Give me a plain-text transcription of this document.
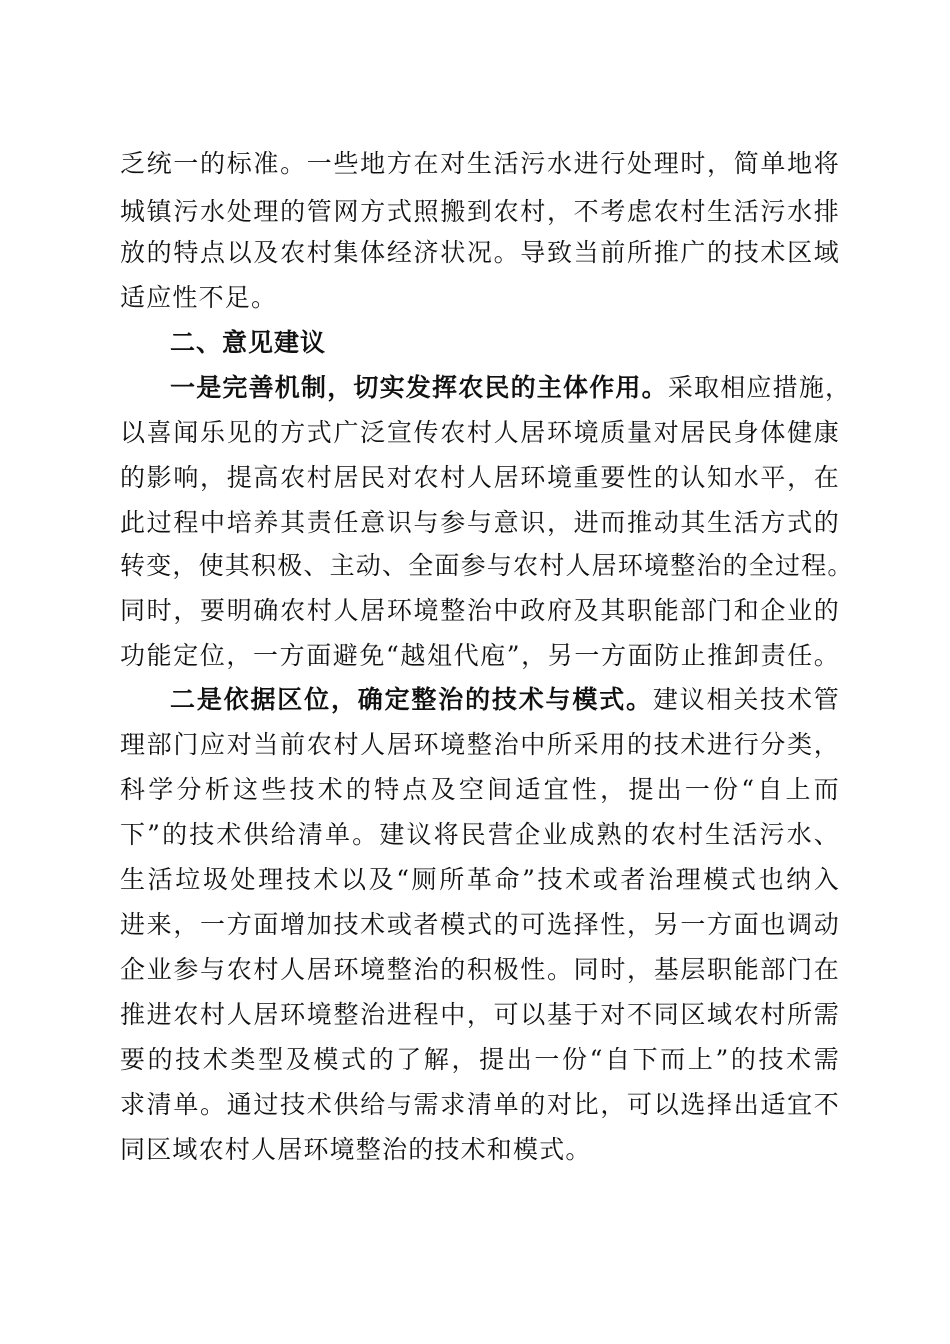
乏统一的标准。一些地方在对生活污水进行处理时，简单地将
城镇污水处理的管网方式照搬到农村，不考虑农村生活污水排
放的特点以及农村集体经济状况。导致当前所推广的技术区域
适应性不足。
二、意见建议
一是完善机制，切实发挥农民的主体作用。采取相应措施，
以喜闻乐见的方式广泛宣传农村人居环境质量对居民身体健康
的影响，提高农村居民对农村人居环境重要性的认知水平，在
此过程中培养其责任意识与参与意识，进而推动其生活方式的
转变，使其积极、主动、全面参与农村人居环境整治的全过程。
同时，要明确农村人居环境整治中政府及其职能部门和企业的
功能定位，一方面避免“越俎代庖”，另一方面防止推卸责任。
二是依据区位，确定整治的技术与模式。建议相关技术管
理部门应对当前农村人居环境整治中所采用的技术进行分类，
科学分析这些技术的特点及空间适宜性，提出一份“自上而
下”的技术供给清单。建议将民营企业成熟的农村生活污水、
生活垃圾处理技术以及“厕所革命”技术或者治理模式也纳入
进来，一方面增加技术或者模式的可选择性，另一方面也调动
企业参与农村人居环境整治的积极性。同时，基层职能部门在
推进农村人居环境整治进程中，可以基于对不同区域农村所需
要的技术类型及模式的了解，提出一份“自下而上”的技术需
求清单。通过技术供给与需求清单的对比，可以选择出适宜不
同区域农村人居环境整治的技术和模式。
